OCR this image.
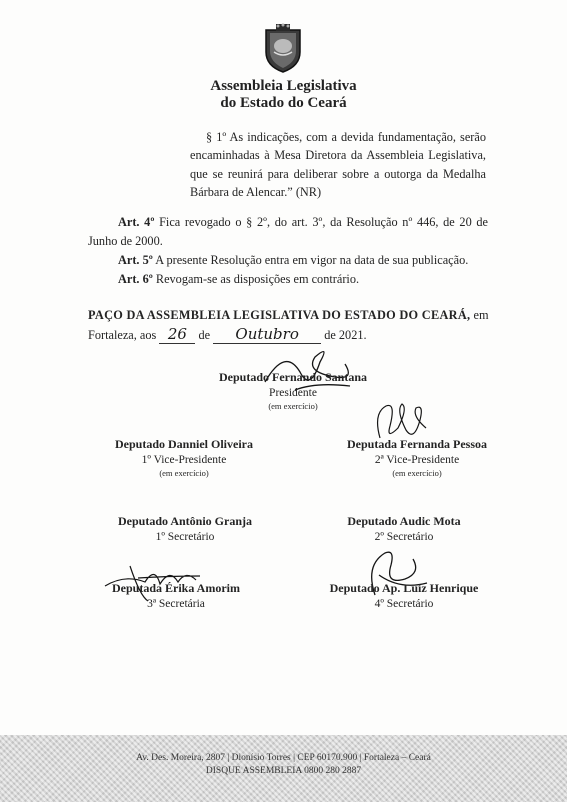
Assembleia Legislativa
do Estado do Ceará
§ 1º As indicações, com a devida fundamentação, serão encaminhadas à Mesa Diretora da Assembleia Legislativa, que se reunirá para deliberar sobre a outorga da Medalha Bárbara de Alencar.” (NR)
Art. 4º Fica revogado o § 2º, do art. 3º, da Resolução nº 446, de 20 de Junho de 2000.
Art. 5º A presente Resolução entra em vigor na data de sua publicação.
Art. 6º Revogam-se as disposições em contrário.
PAÇO DA ASSEMBLEIA LEGISLATIVA DO ESTADO DO CEARÁ, em
Fortaleza, aos 26 de Outubro de 2021.
Deputado Fernando Santana
Presidente
(em exercício)
Deputado Danniel Oliveira
1º Vice-Presidente
(em exercício)
Deputada Fernanda Pessoa
2ª Vice-Presidente
(em exercício)
Deputado Antônio Granja
1º Secretário
Deputado Audic Mota
2º Secretário
Deputada Érika Amorim
3ª Secretária
Deputado Ap. Luiz Henrique
4º Secretário
Av. Des. Moreira, 2807 | Dionísio Torres | CEP 60170.900 | Fortaleza – Ceará
DISQUE ASSEMBLEIA 0800 280 2887
